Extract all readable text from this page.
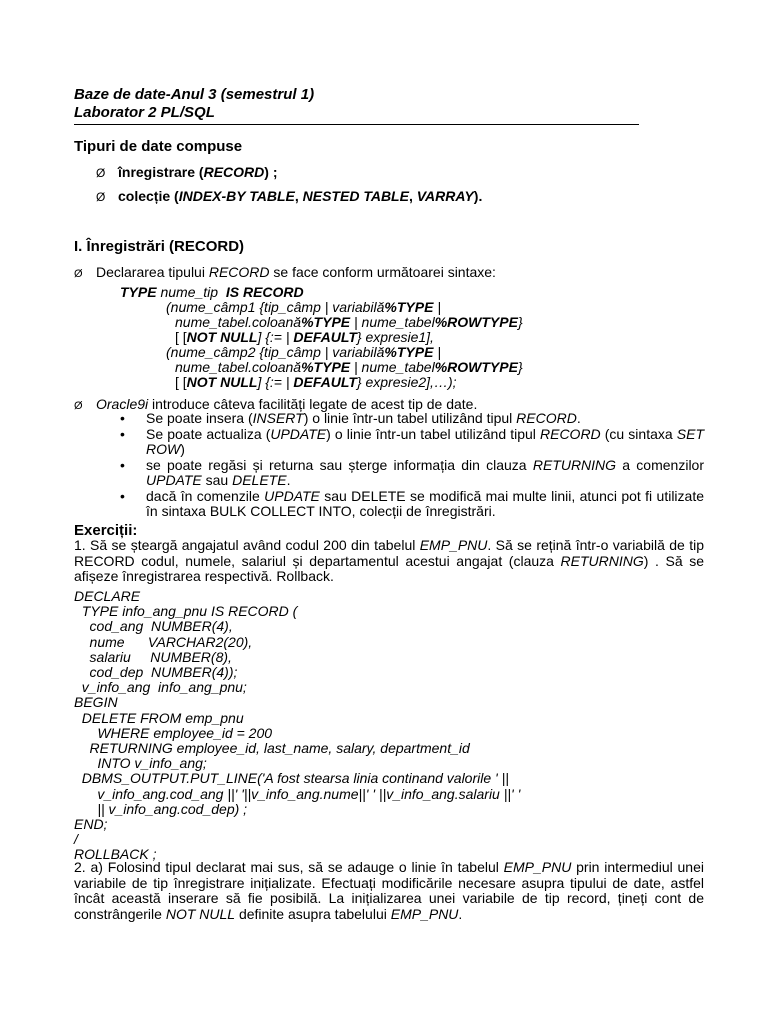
Baze de date-Anul 3 (semestrul 1)
Laborator 2 PL/SQL
Tipuri de date compuse
Ø înregistrare (RECORD) ;
Ø colecție (INDEX-BY TABLE, NESTED TABLE, VARRAY).
I. Înregistrări (RECORD)
Ø Declararea tipului RECORD se face conform următoarei sintaxe:
TYPE nume_tip  IS RECORD
(nume_câmp1 {tip_câmp | variabilă%TYPE |
nume_tabel.coloană%TYPE | nume_tabel%ROWTYPE}
[ [NOT NULL] {:= | DEFAULT} expresie1],
(nume_câmp2 {tip_câmp | variabilă%TYPE |
nume_tabel.coloană%TYPE | nume_tabel%ROWTYPE}
[ [NOT NULL] {:= | DEFAULT} expresie2],…);
Ø Oracle9i introduce câteva facilități legate de acest tip de date.
• Se poate insera (INSERT) o linie într-un tabel utilizând tipul RECORD.
• Se poate actualiza (UPDATE) o linie într-un tabel utilizând tipul RECORD (cu sintaxa SET ROW)
• se poate regăsi și returna sau șterge informația din clauza RETURNING a comenzilor UPDATE sau DELETE.
• dacă în comenzile UPDATE sau DELETE se modifică mai multe linii, atunci pot fi utilizate în sintaxa BULK COLLECT INTO, colecții de înregistrări.
Exerciții:
1. Să se șteargă angajatul având codul 200 din tabelul EMP_PNU. Să se rețină într-o variabilă de tip RECORD codul, numele, salariul și departamentul acestui angajat (clauza RETURNING) . Să se afișeze înregistrarea respectivă. Rollback.
DECLARE
TYPE info_ang_pnu IS RECORD (
cod_ang  NUMBER(4),
nume      VARCHAR2(20),
salariu     NUMBER(8),
cod_dep  NUMBER(4));
v_info_ang  info_ang_pnu;
BEGIN
DELETE FROM emp_pnu
WHERE employee_id = 200
RETURNING employee_id, last_name, salary, department_id
INTO v_info_ang;
DBMS_OUTPUT.PUT_LINE('A fost stearsa linia continand valorile ' ||
v_info_ang.cod_ang ||' '||v_info_ang.nume||' ' ||v_info_ang.salariu ||' '
|| v_info_ang.cod_dep) ;
END;
/
ROLLBACK ;
2. a) Folosind tipul declarat mai sus, să se adauge o linie în tabelul EMP_PNU prin intermediul unei variabile de tip înregistrare inițializate. Efectuați modificările necesare asupra tipului de date, astfel încât această inserare să fie posibilă. La inițializarea unei variabile de tip record, țineți cont de constrângerile NOT NULL definite asupra tabelului EMP_PNU.
